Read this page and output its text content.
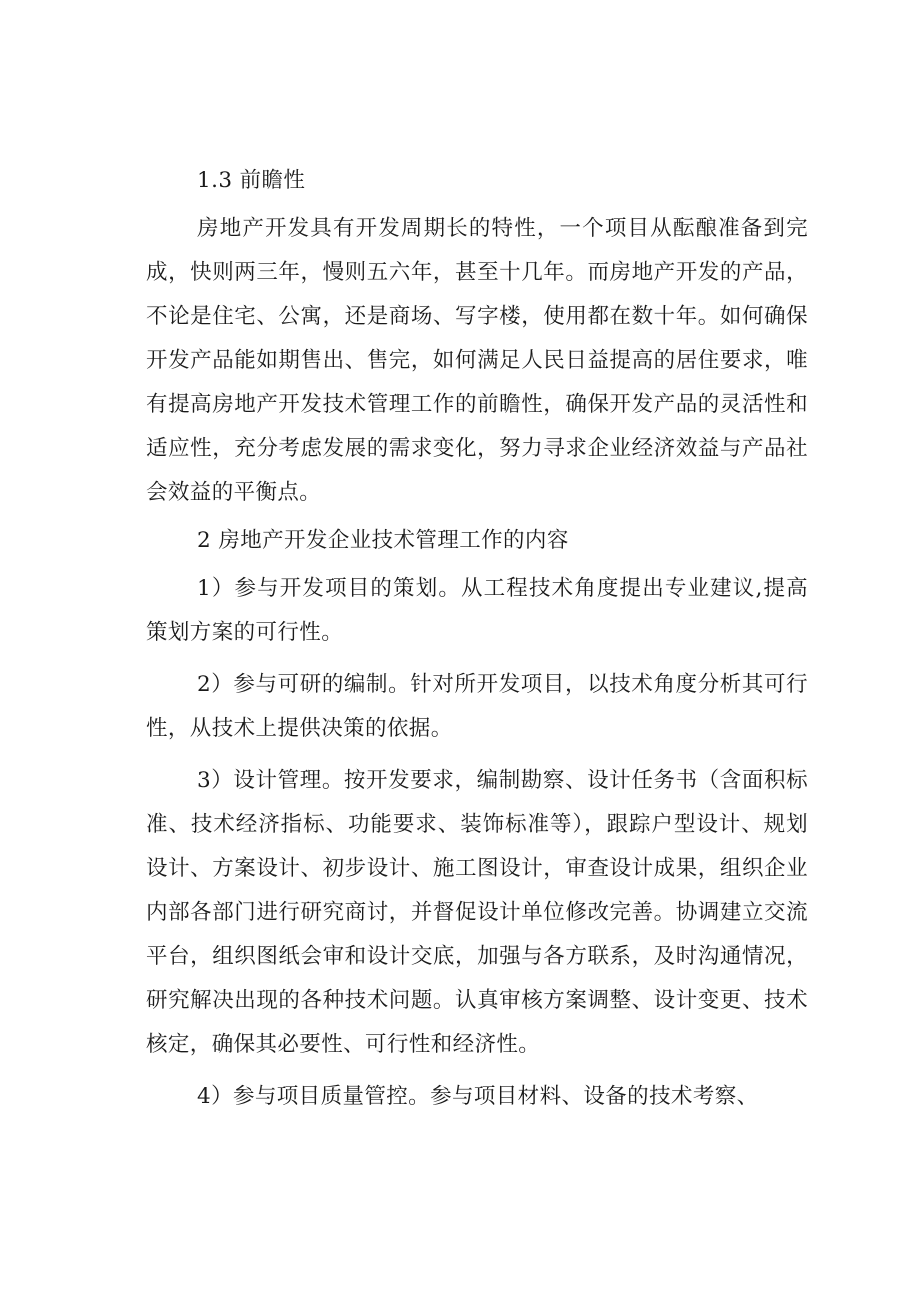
1.3 前瞻性

房地产开发具有开发周期长的特性，一个项目从酝酿准备到完成，快则两三年，慢则五六年，甚至十几年。而房地产开发的产品，不论是住宅、公寓，还是商场、写字楼，使用都在数十年。如何确保开发产品能如期售出、售完，如何满足人民日益提高的居住要求，唯有提高房地产开发技术管理工作的前瞻性，确保开发产品的灵活性和适应性，充分考虑发展的需求变化，努力寻求企业经济效益与产品社会效益的平衡点。

2 房地产开发企业技术管理工作的内容

1）参与开发项目的策划。从工程技术角度提出专业建议,提高策划方案的可行性。

2）参与可研的编制。针对所开发项目，以技术角度分析其可行性，从技术上提供决策的依据。

3）设计管理。按开发要求，编制勘察、设计任务书（含面积标准、技术经济指标、功能要求、装饰标准等），跟踪户型设计、规划设计、方案设计、初步设计、施工图设计，审查设计成果，组织企业内部各部门进行研究商讨，并督促设计单位修改完善。协调建立交流平台，组织图纸会审和设计交底，加强与各方联系，及时沟通情况，研究解决出现的各种技术问题。认真审核方案调整、设计变更、技术核定，确保其必要性、可行性和经济性。

4）参与项目质量管控。参与项目材料、设备的技术考察、
